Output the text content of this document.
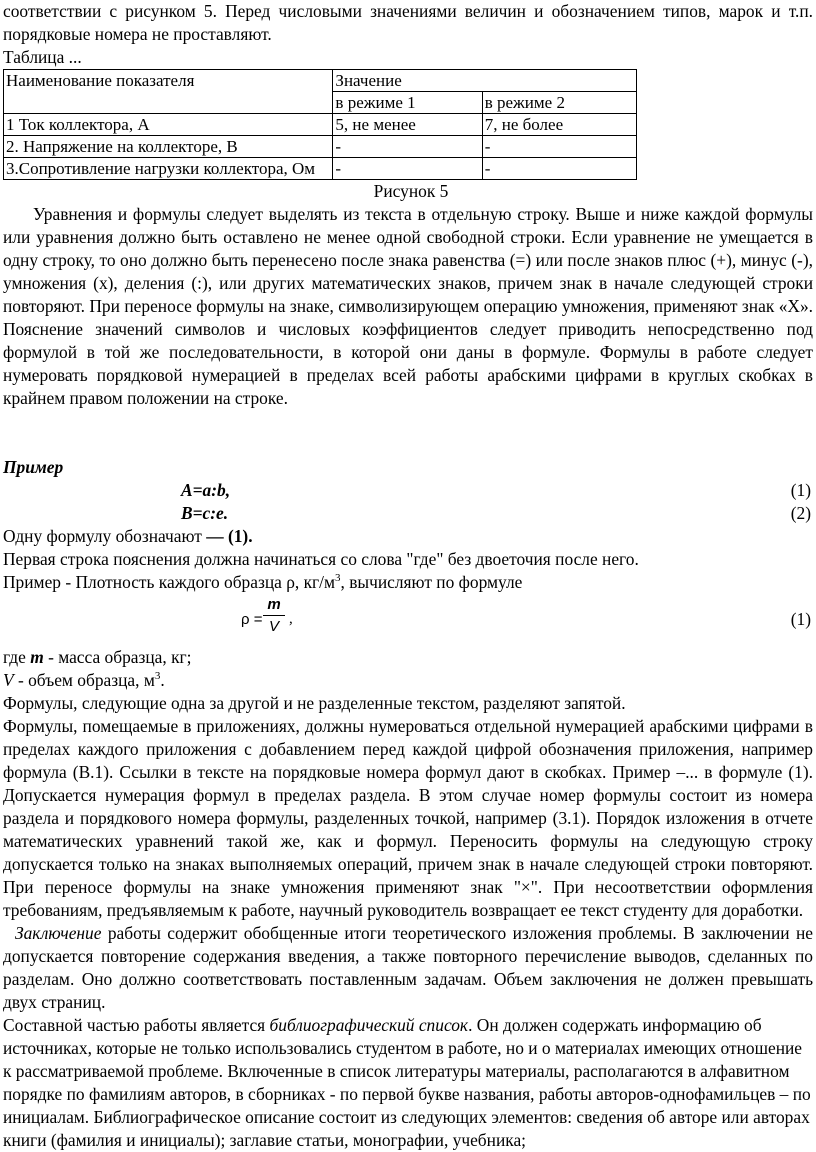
соответствии с рисунком 5. Перед числовыми значениями величин и обозначением типов, марок и т.п. порядковые номера не проставляют.

Таблица ...

Наименование показателя	Значение	
	в режиме 1	в режиме 2
1 Ток коллектора, А	5, не менее	7, не более
2. Напряжение на коллекторе, В	-	-
3.Сопротивление нагрузки коллектора, Ом	-	-

Рисунок 5

Уравнения и формулы следует выделять из текста в отдельную строку. Выше и ниже каждой формулы или уравнения должно быть оставлено не менее одной свободной строки. Если уравнение не умещается в одну строку, то оно должно быть перенесено после знака равенства (=) или после знаков плюс (+), минус (-), умножения (х), деления (:), или других математических знаков, причем знак в начале следующей строки повторяют. При переносе формулы на знаке, символизирующем операцию умножения, применяют знак «Х». Пояснение значений символов и числовых коэффициентов следует приводить непосредственно под формулой в той же последовательности, в которой они даны в формуле. Формулы в работе следует нумеровать порядковой нумерацией в пределах всей работы арабскими цифрами в круглых скобках в крайнем правом положении на строке.

Пример

A=a:b,	(1)
B=c:e.	(2)

Одну формулу обозначают — (1).

Первая строка пояснения должна начинаться со слова "где" без двоеточия после него.

Пример - Плотность каждого образца ρ, $кг/м^3$, вычисляют по формуле

ρ =
m
V ,	(1)

где m - масса образца, кг;

V - объем образца, $м^3$.

Формулы, следующие одна за другой и не разделенные текстом, разделяют запятой.

Формулы, помещаемые в приложениях, должны нумероваться отдельной нумерацией арабскими цифрами в пределах каждого приложения с добавлением перед каждой цифрой обозначения приложения, например формула (В.1). Ссылки в тексте на порядковые номера формул дают в скобках. Пример –... в формуле (1). Допускается нумерация формул в пределах раздела. В этом случае номер формулы состоит из номера раздела и порядкового номера формулы, разделенных точкой, например (3.1). Порядок изложения в отчете математических уравнений такой же, как и формул. Переносить формулы на следующую строку допускается только на знаках выполняемых операций, причем знак в начале следующей строки повторяют. При переносе формулы на знаке умножения применяют знак "×". При несоответствии оформления требованиям, предъявляемым к работе, научный руководитель возвращает ее текст студенту для доработки.

Заключение работы содержит обобщенные итоги теоретического изложения проблемы. В заключении не допускается повторение содержания введения, а также повторного перечисление выводов, сделанных по разделам. Оно должно соответствовать поставленным задачам. Объем заключения не должен превышать двух страниц.

Составной частью работы является библиографический список. Он должен содержать информацию об источниках, которые не только использовались студентом в работе, но и о материалах имеющих отношение к рассматриваемой проблеме. Включенные в список литературы материалы, располагаются в алфавитном порядке по фамилиям авторов, в сборниках - по первой букве названия, работы авторов-однофамильцев – по инициалам. Библиографическое описание состоит из следующих элементов: сведения об авторе или авторах книги (фамилия и инициалы); заглавие статьи, монографии, учебника;
